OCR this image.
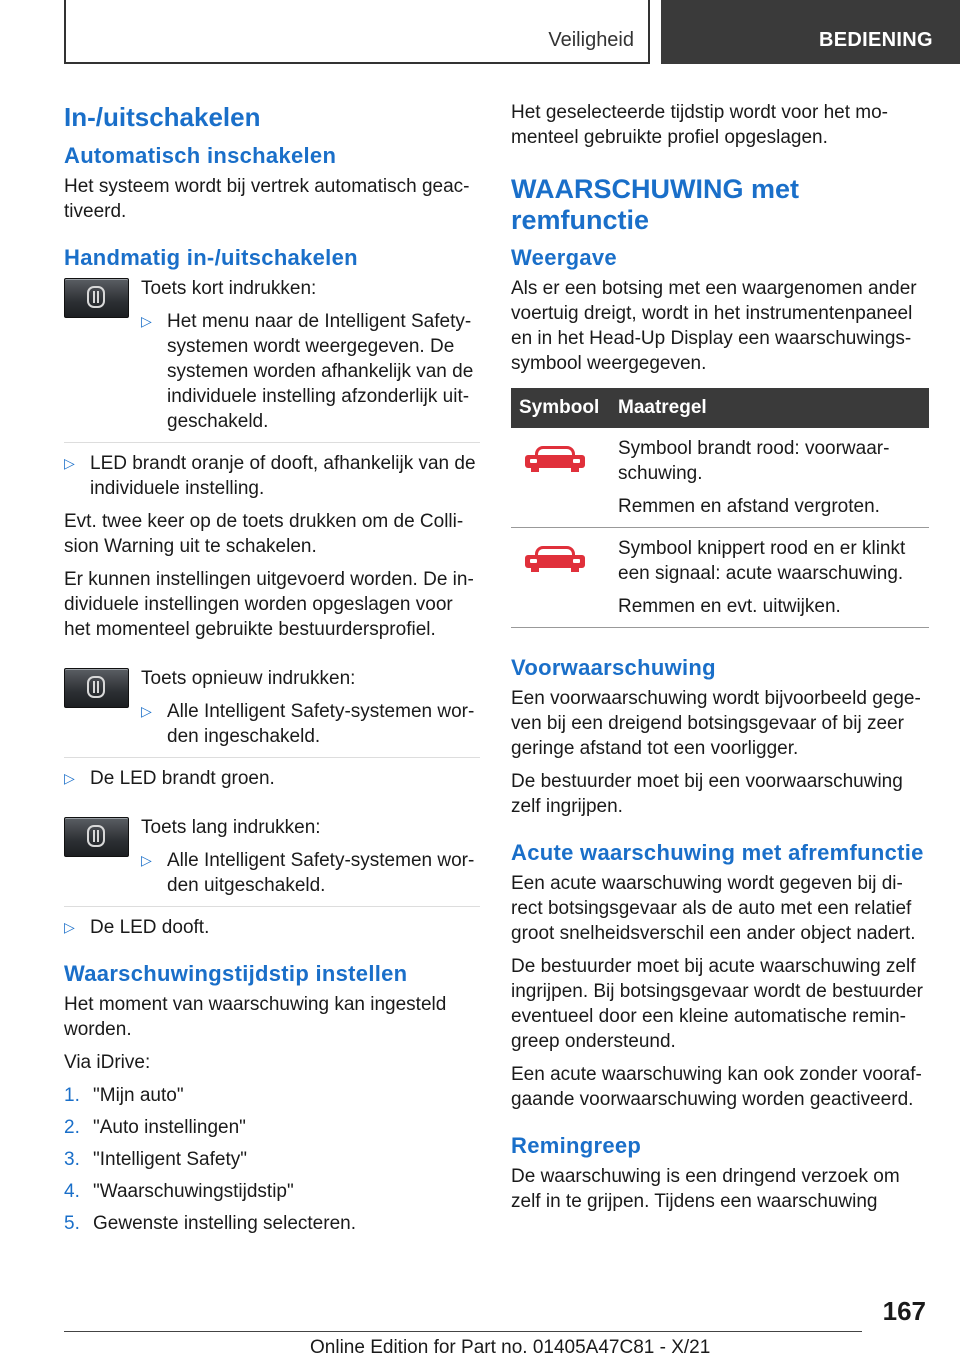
Veiligheid	BEDIENING
In-/uitschakelen
Automatisch inschakelen

Het systeem wordt bij vertrek automatisch geac-tiveerd.

Handmatig in-/uitschakelen

Toets kort indrukken:

▷ Het menu naar de Intelligent Safety-systemen wordt weergegeven. De systemen worden afhankelijk van de individuele instelling afzonderlijk uit-geschakeld.
▷ LED brandt oranje of dooft, afhankelijk van de individuele instelling.

Evt. twee keer op de toets drukken om de Colli-sion Warning uit te schakelen.

Er kunnen instellingen uitgevoerd worden. De in-dividuele instellingen worden opgeslagen voor het momenteel gebruikte bestuurdersprofiel.

Toets opnieuw indrukken:

▷ Alle Intelligent Safety-systemen wor-den ingeschakeld.
▷ De LED brandt groen.

Toets lang indrukken:

▷ Alle Intelligent Safety-systemen wor-den uitgeschakeld.
▷ De LED dooft.
Waarschuwingstijdstip instellen

Het moment van waarschuwing kan ingesteld worden.

Via iDrive:

1. "Mijn auto"
2. "Auto instellingen"
3. "Intelligent Safety"
4. "Waarschuwingstijdstip"
5. Gewenste instelling selecteren.

Het geselecteerde tijdstip wordt voor het mo-menteel gebruikte profiel opgeslagen.

WAARSCHUWING met remfunctie
Weergave

Als er een botsing met een waargenomen ander voertuig dreigt, wordt in het instrumentenpaneel en in het Head-Up Display een waarschuwings-symbool weergegeven.

Symbool	Maatregel

	Symbool brandt rood: voorwaar-schuwing.

Remmen en afstand vergroten.

	Symbool knippert rood en er klinkt een signaal: acute waarschuwing.

Remmen en evt. uitwijken.

Voorwaarschuwing

Een voorwaarschuwing wordt bijvoorbeeld gege-ven bij een dreigend botsingsgevaar of bij zeer geringe afstand tot een voorligger.

De bestuurder moet bij een voorwaarschuwing zelf ingrijpen.

Acute waarschuwing met afremfunctie

Een acute waarschuwing wordt gegeven bij di-rect botsingsgevaar als de auto met een relatief groot snelheidsverschil een ander object nadert.

De bestuurder moet bij acute waarschuwing zelf ingrijpen. Bij botsingsgevaar wordt de bestuurder eventueel door een kleine automatische remin-greep ondersteund.

Een acute waarschuwing kan ook zonder vooraf-gaande voorwaarschuwing worden geactiveerd.

Remingreep

De waarschuwing is een dringend verzoek om zelf in te grijpen. Tijdens een waarschuwing

167
Online Edition for Part no. 01405A47C81 - X/21
